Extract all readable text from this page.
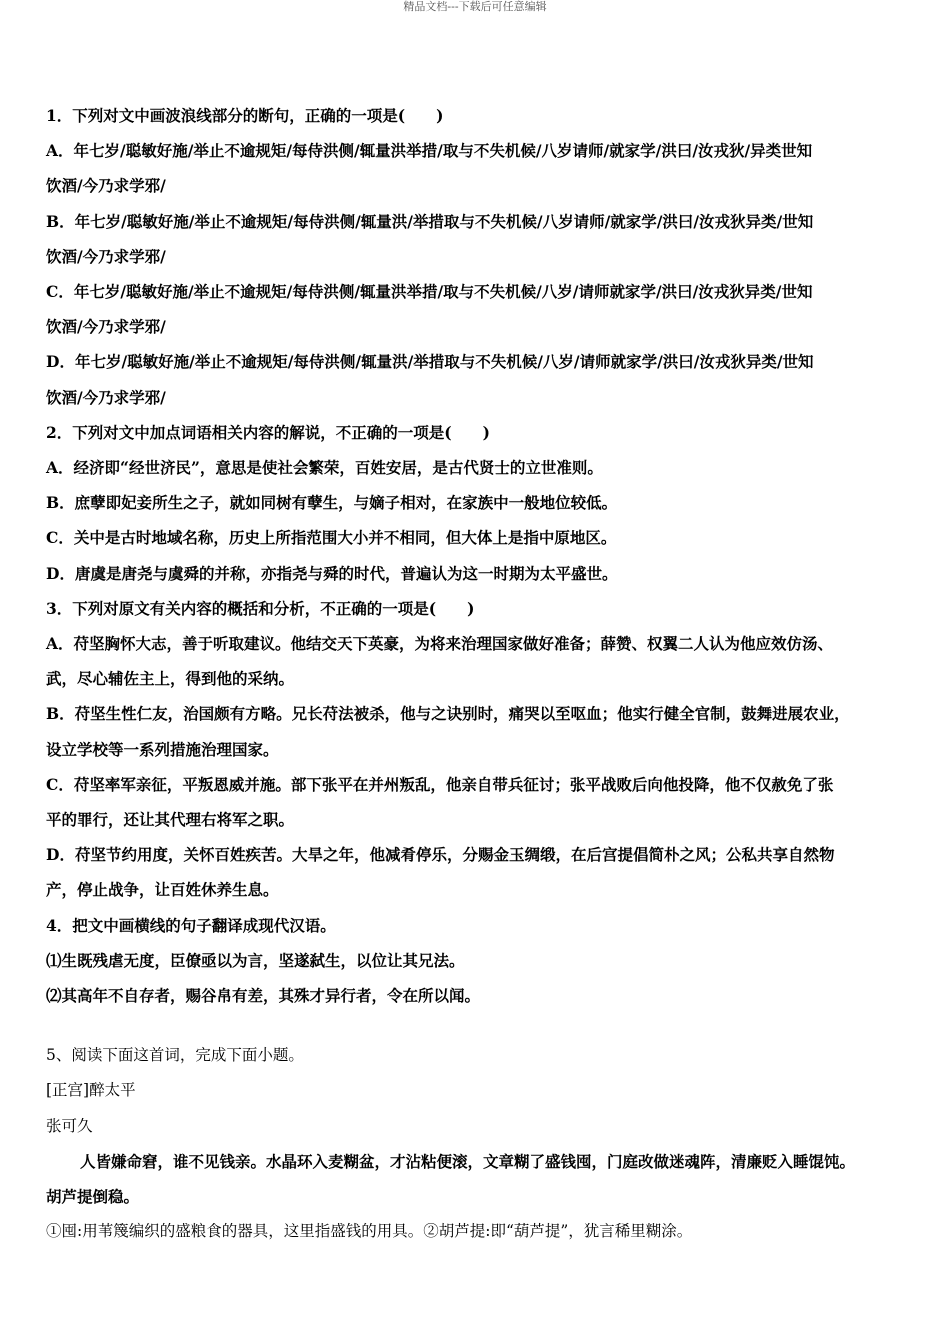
精品文档---下载后可任意编辑
1．下列对文中画波浪线部分的断句，正确的一项是(　　)
A．年七岁/聪敏好施/举止不逾规矩/每侍洪侧/辄量洪举措/取与不失机候/八岁请师/就家学/洪曰/汝戎狄/异类世知
饮酒/今乃求学邪/
B．年七岁/聪敏好施/举止不逾规矩/每侍洪侧/辄量洪/举措取与不失机候/八岁请师/就家学/洪曰/汝戎狄异类/世知
饮酒/今乃求学邪/
C．年七岁/聪敏好施/举止不逾规矩/每侍洪侧/辄量洪举措/取与不失机候/八岁/请师就家学/洪曰/汝戎狄异类/世知
饮酒/今乃求学邪/
D．年七岁/聪敏好施/举止不逾规矩/每侍洪侧/辄量洪/举措取与不失机候/八岁/请师就家学/洪曰/汝戎狄异类/世知
饮酒/今乃求学邪/
2．下列对文中加点词语相关内容的解说，不正确的一项是(　　)
A．经济即“经世济民”，意思是使社会繁荣，百姓安居，是古代贤士的立世准则。
B．庶孽即妃妾所生之子，就如同树有孽生，与嫡子相对，在家族中一般地位较低。
C．关中是古时地域名称，历史上所指范围大小并不相同，但大体上是指中原地区。
D．唐虞是唐尧与虞舜的并称，亦指尧与舜的时代，普遍认为这一时期为太平盛世。
3．下列对原文有关内容的概括和分析，不正确的一项是(　　)
A．苻坚胸怀大志，善于听取建议。他结交天下英豪，为将来治理国家做好准备；薛赞、权翼二人认为他应效仿汤、
武，尽心辅佐主上，得到他的采纳。
B．苻坚生性仁友，治国颇有方略。兄长苻法被杀，他与之诀别时，痛哭以至呕血；他实行健全官制，鼓舞进展农业，
设立学校等一系列措施治理国家。
C．苻坚率军亲征，平叛恩威并施。部下张平在并州叛乱，他亲自带兵征讨；张平战败后向他投降，他不仅赦免了张
平的罪行，还让其代理右将军之职。
D．苻坚节约用度，关怀百姓疾苦。大旱之年，他减肴停乐，分赐金玉绸缎，在后宫提倡简朴之风；公私共享自然物
产，停止战争，让百姓休养生息。
4．把文中画横线的句子翻译成现代汉语。
⑴生既残虐无度，臣僚亟以为言，坚遂弑生，以位让其兄法。
⑵其高年不自存者，赐谷帛有差，其殊才异行者，令在所以闻。
5、阅读下面这首词，完成下面小题。
[正宫]醉太平
张可久
人皆嫌命窘，谁不见钱亲。水晶环入麦糊盆，才沾粘便滚，文章糊了盛钱囤，门庭改做迷魂阵，清廉贬入睡馄饨。
胡芦提倒稳。
①囤:用苇篾编织的盛粮食的器具，这里指盛钱的用具。②胡芦提:即“葫芦提”，犹言稀里糊涂。
